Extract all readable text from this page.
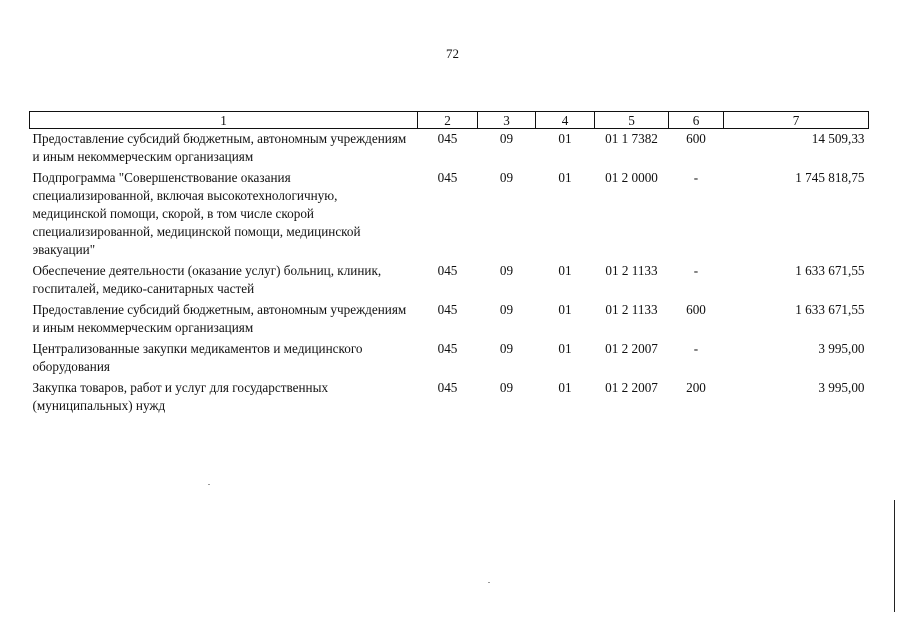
72
1	2	3	4	5	6	7
Предоставление субсидий бюджетным, автономным учреждениям и иным некоммерческим организациям	045	09	01	01 1 7382	600	14 509,33
Подпрограмма "Совершенствование оказания специализированной, включая высокотехнологичную, медицинской помощи, скорой, в том числе скорой специализированной, медицинской помощи, медицинской эвакуации"	045	09	01	01 2 0000	-	1 745 818,75
Обеспечение деятельности (оказание услуг) больниц, клиник, госпиталей, медико-санитарных частей	045	09	01	01 2 1133	-	1 633 671,55
Предоставление субсидий бюджетным, автономным учреждениям и иным некоммерческим организациям	045	09	01	01 2 1133	600	1 633 671,55
Централизованные закупки медикаментов и медицинского оборудования	045	09	01	01 2 2007	-	3 995,00
Закупка товаров, работ и услуг для государственных (муниципальных) нужд	045	09	01	01 2 2007	200	3 995,00
